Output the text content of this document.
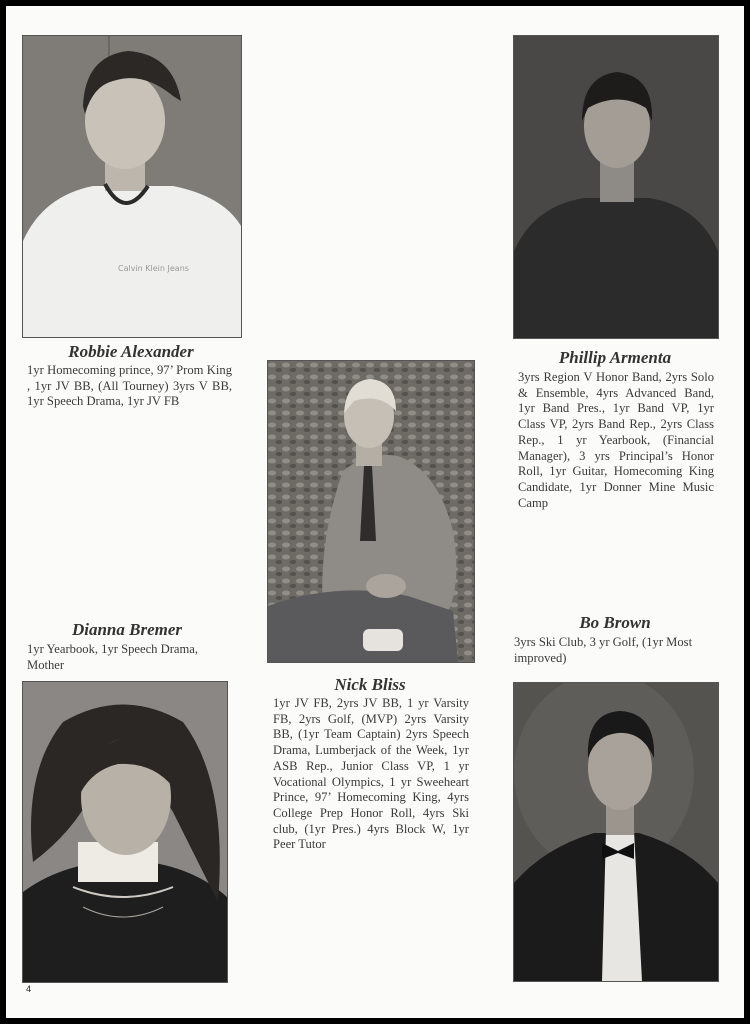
Calvin Klein Jeans
Robbie Alexander
1yr Homecoming prince, 97’ Prom King , 1yr JV BB, (All Tourney) 3yrs V BB, 1yr Speech Drama, 1yr JV FB
Phillip Armenta
3yrs Region V Honor Band, 2yrs Solo & Ensemble, 4yrs Advanced Band, 1yr Band Pres., 1yr Band VP, 1yr Class VP, 2yrs Band Rep., 2yrs Class Rep., 1 yr Yearbook, (Financial Manager), 3 yrs Principal’s Honor Roll, 1yr Guitar, Homecoming King Candidate, 1yr Donner Mine Music Camp
Nick Bliss
1yr JV FB, 2yrs JV BB, 1 yr Varsity FB, 2yrs Golf, (MVP) 2yrs Varsity BB, (1yr Team Captain) 2yrs Speech Drama, Lumberjack of the Week, 1yr ASB Rep., Junior Class VP, 1 yr Vocational Olympics, 1 yr Sweeheart Prince, 97’ Homecoming King, 4yrs College Prep Honor Roll, 4yrs Ski club, (1yr Pres.) 4yrs Block W, 1yr Peer Tutor
Dianna Bremer
1yr Yearbook, 1yr Speech Drama, Mother
Bo Brown
3yrs Ski Club, 3 yr Golf, (1yr Most improved)
4
